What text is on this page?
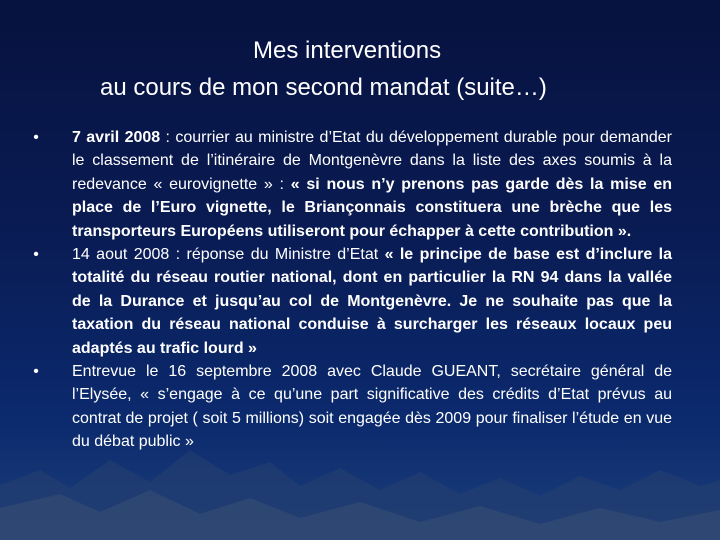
Mes interventions
au cours de mon second mandat (suite…)
•	7 avril 2008 : courrier au ministre d’Etat du développement durable pour demander le classement de l’itinéraire de Montgenèvre dans la liste des axes soumis à la redevance « eurovignette » : « si nous n’y prenons pas garde dès la mise en place de l’Euro vignette, le Briançonnais constituera une brèche que les transporteurs Européens utiliseront pour échapper à cette contribution ».
•	14 aout 2008 : réponse du Ministre d’Etat « le principe de base est d’inclure la totalité du réseau routier national, dont en particulier la RN 94 dans la vallée de la Durance et jusqu’au col de Montgenèvre. Je ne souhaite pas que la taxation du réseau national conduise à surcharger les réseaux locaux peu adaptés au trafic lourd »
•	Entrevue le 16 septembre 2008 avec Claude GUEANT, secrétaire général de l’Elysée, « s’engage à ce qu’une part significative des crédits d’Etat prévus au contrat de projet ( soit 5 millions) soit engagée dès 2009 pour finaliser l’étude en vue du débat public »
